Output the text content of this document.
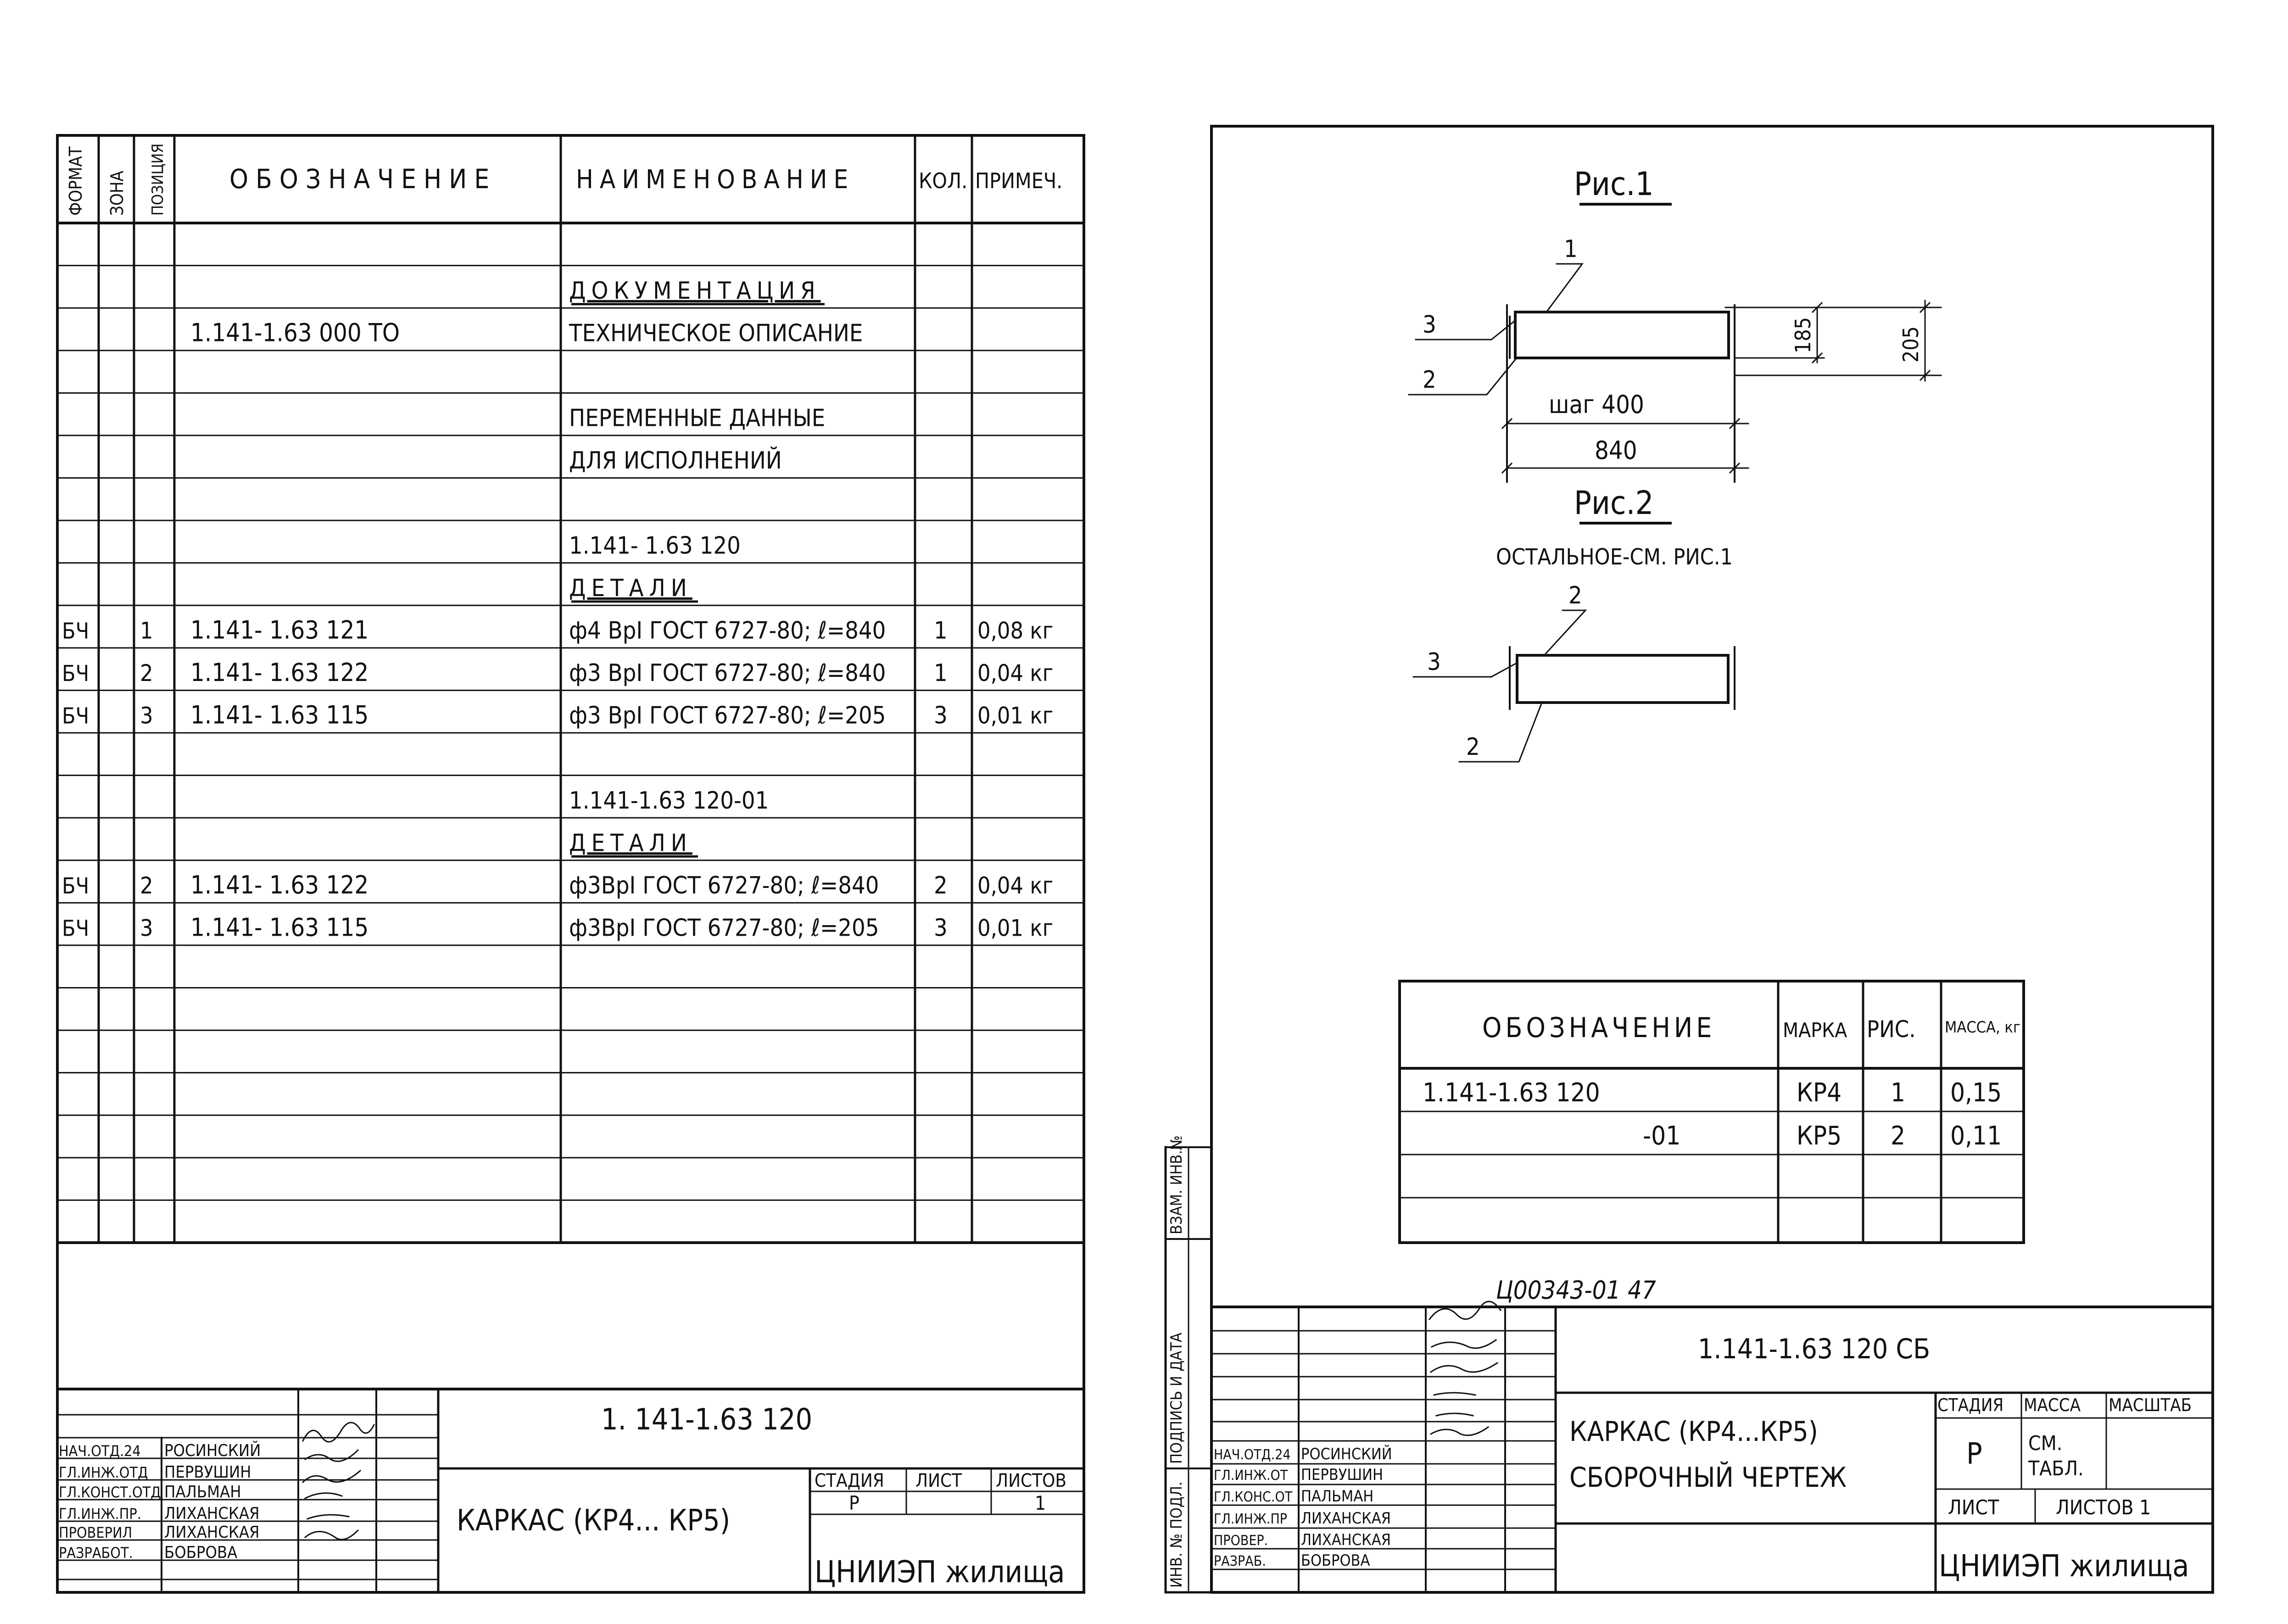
ФОРМАТ ЗОНА ПОЗИЦИЯ ОБОЗНАЧЕНИЕ	НАИМЕНОВАНИЕ	КОЛ. ПРИМЕЧ.
ДОКУМЕНТАЦИЯ
1.141-1.63 000 ТО	ТЕХНИЧЕСКОЕ ОПИСАНИЕ
ПЕРЕМЕННЫЕ ДАННЫЕ
ДЛЯ ИСПОЛНЕНИЙ
1.141- 1.63 120
ДЕТАЛИ
БЧ 1 1.141- 1.63 121	ф4 ВрI ГОСТ 6727-80; ℓ=840 1 0,08 кг
БЧ 2 1.141- 1.63 122	ф3 ВрI ГОСТ 6727-80; ℓ=840 1 0,04 кг
БЧ 3 1.141- 1.63 115	ф3 ВрI ГОСТ 6727-80; ℓ=205 3 0,01 кг
1.141-1.63 120-01
ДЕТАЛИ
БЧ 2 1.141- 1.63 122	ф3ВрI ГОСТ 6727-80; ℓ=840 2 0,04 кг
БЧ 3 1.141- 1.63 115	ф3ВрI ГОСТ 6727-80; ℓ=205 3 0,01 кг
1. 141-1.63 120
КАРКАС (КР4... КР5)
СТАДИЯ ЛИСТ ЛИСТОВ
Р	1
ЦНИИЭП жилища
НАЧ.ОТД.24 РОСИНСКИЙ
ГЛ.ИНЖ.ОТД ПЕРВУШИН
ГЛ.КОНСТ.ОТД ПАЛЬМАН
ГЛ.ИНЖ.ПР. ЛИХАНСКАЯ
ПРОВЕРИЛ ЛИХАНСКАЯ
РАЗРАБОТ. БОБРОВА
Рис.1
1
3
2
185	205
шаг 400
840
Рис.2
ОСТАЛЬНОЕ-СМ. РИС.1
2
3
2
ОБОЗНАЧЕНИЕ	МАРКА РИС. МАССА, кг
1.141-1.63 120	КР4 1 0,15
-01	КР5 2 0,11
Ц00343-01 47
ИНВ. № ПОДЛ.
ПОДПИСЬ И ДАТА
ВЗАМ. ИНВ.№
1.141-1.63 120 СБ
КАРКАС (КР4...КР5)
СБОРОЧНЫЙ ЧЕРТЕЖ
СТАДИЯ МАССА МАСШТАБ
Р СМ.
ТАБЛ.
ЛИСТ	ЛИСТОВ 1
ЦНИИЭП жилища
НАЧ.ОТД.24 РОСИНСКИЙ
ГЛ.ИНЖ.ОТ ПЕРВУШИН
ГЛ.КОНС.ОТ ПАЛЬМАН
ГЛ.ИНЖ.ПР ЛИХАНСКАЯ
ПРОВЕР. ЛИХАНСКАЯ
РАЗРАБ. БОБРОВА
